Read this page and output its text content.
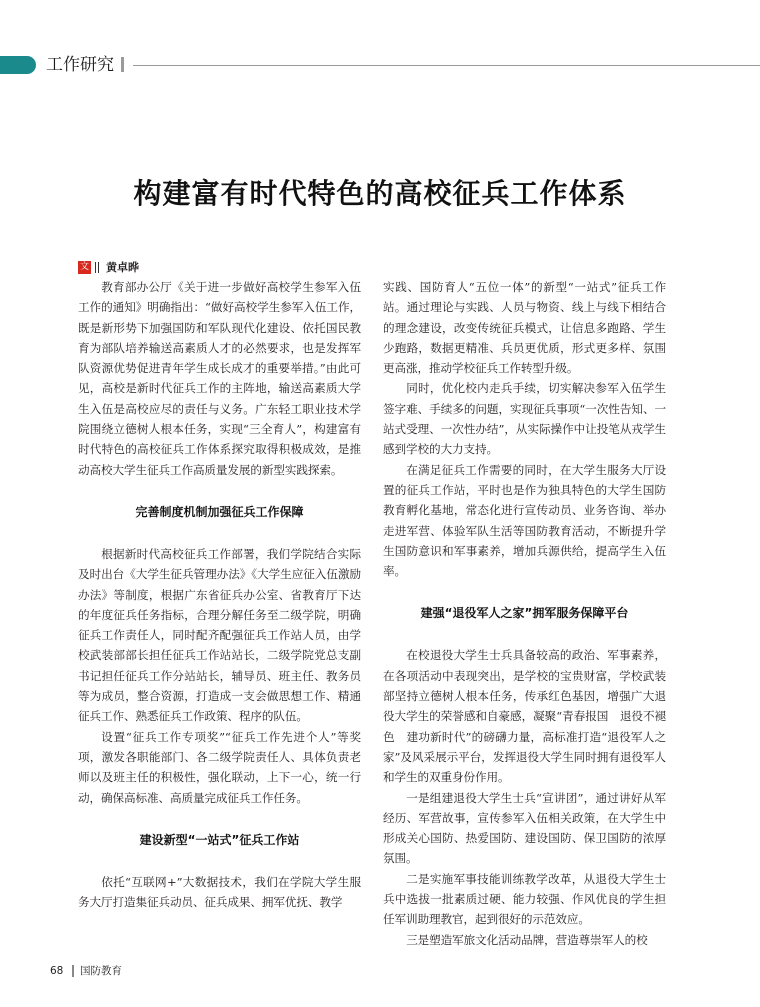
工作研究
构建富有时代特色的高校征兵工作体系
文 黄卓晔

教育部办公厅《关于进一步做好高校学生参军入伍工作的通知》明确指出：“做好高校学生参军入伍工作，既是新形势下加强国防和军队现代化建设、依托国民教育为部队培养输送高素质人才的必然要求，也是发挥军队资源优势促进青年学生成长成才的重要举措。”由此可见，高校是新时代征兵工作的主阵地，输送高素质大学生入伍是高校应尽的责任与义务。广东轻工职业技术学院围绕立德树人根本任务，实现“三全育人”，构建富有时代特色的高校征兵工作体系探究取得积极成效，是推动高校大学生征兵工作高质量发展的新型实践探索。

完善制度机制加强征兵工作保障

根据新时代高校征兵工作部署，我们学院结合实际及时出台《大学生征兵管理办法》《大学生应征入伍激励办法》等制度，根据广东省征兵办公室、省教育厅下达的年度征兵任务指标，合理分解任务至二级学院，明确征兵工作责任人，同时配齐配强征兵工作站人员，由学校武装部部长担任征兵工作站站长，二级学院党总支副书记担任征兵工作分站站长，辅导员、班主任、教务员等为成员，整合资源，打造成一支会做思想工作、精通征兵工作、熟悉征兵工作政策、程序的队伍。

设置“征兵工作专项奖”“征兵工作先进个人”等奖项，激发各职能部门、各二级学院责任人、具体负责老师以及班主任的积极性，强化联动，上下一心，统一行动，确保高标准、高质量完成征兵工作任务。

建设新型“一站式”征兵工作站

依托“互联网+”大数据技术，我们在学院大学生服务大厅打造集征兵动员、征兵成果、拥军优抚、教学

实践、国防育人“五位一体”的新型“一站式”征兵工作站。通过理论与实践、人员与物资、线上与线下相结合的理念建设，改变传统征兵模式，让信息多跑路、学生少跑路，数据更精准、兵员更优质，形式更多样、氛围更高涨，推动学校征兵工作转型升级。

同时，优化校内走兵手续，切实解决参军入伍学生签字难、手续多的问题，实现征兵事项“一次性告知、一站式受理、一次性办结”，从实际操作中让投笔从戎学生感到学校的大力支持。

在满足征兵工作需要的同时，在大学生服务大厅设置的征兵工作站，平时也是作为独具特色的大学生国防教育孵化基地，常态化进行宣传动员、业务咨询、举办走进军营、体验军队生活等国防教育活动，不断提升学生国防意识和军事素养，增加兵源供给，提高学生入伍率。

建强“退役军人之家”拥军服务保障平台

在校退役大学生士兵具备较高的政治、军事素养，在各项活动中表现突出，是学校的宝贵财富，学校武装部坚持立德树人根本任务，传承红色基因，增强广大退役大学生的荣誉感和自豪感，凝聚“青春报国　退役不褪色　建功新时代”的磅礴力量，高标准打造“退役军人之家”及风采展示平台，发挥退役大学生同时拥有退役军人和学生的双重身份作用。

一是组建退役大学生士兵“宣讲团”，通过讲好从军经历、军营故事，宣传参军入伍相关政策，在大学生中形成关心国防、热爱国防、建设国防、保卫国防的浓厚氛围。

二是实施军事技能训练教学改革，从退役大学生士兵中选拔一批素质过硬、能力较强、作风优良的学生担任军训助理教官，起到很好的示范效应。

三是塑造军旅文化活动品牌，营造尊崇军人的校

68 国防教育
